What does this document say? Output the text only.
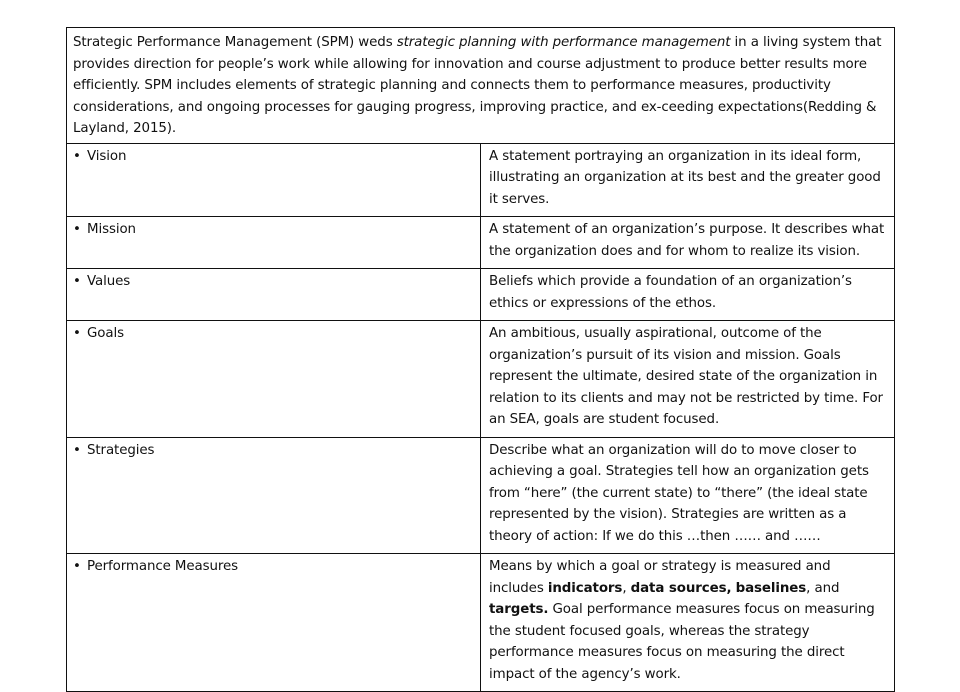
Strategic Performance Management (SPM) weds strategic planning with performance management in a living system that provides direction for people’s work while allowing for innovation and course adjustment to produce better results more efficiently. SPM includes elements of strategic planning and connects them to performance measures, productivity considerations, and ongoing processes for gauging progress, improving practice, and ex-ceeding expectations(Redding & Layland, 2015).	

• Vision	A statement portraying an organization in its ideal form, illustrating an organization at its best and the greater good it serves.

• Mission	A statement of an organization’s purpose. It describes what the organization does and for whom to realize its vision.

• Values	Beliefs which provide a foundation of an organization’s ethics or expressions of the ethos.

• Goals	An ambitious, usually aspirational, outcome of the organization’s pursuit of its vision and mission. Goals represent the ultimate, desired state of the organization in relation to its clients and may not be restricted by time. For an SEA, goals are student focused.

• Strategies	Describe what an organization will do to move closer to achieving a goal. Strategies tell how an organization gets from “here” (the current state) to “there” (the ideal state represented by the vision). Strategies are written as a theory of action: If we do this …then …… and ……

• Performance Measures	Means by which a goal or strategy is measured and includes indicators, data sources, baselines, and targets. Goal performance measures focus on measuring the student focused goals, whereas the strategy performance measures focus on measuring the direct impact of the agency’s work.
